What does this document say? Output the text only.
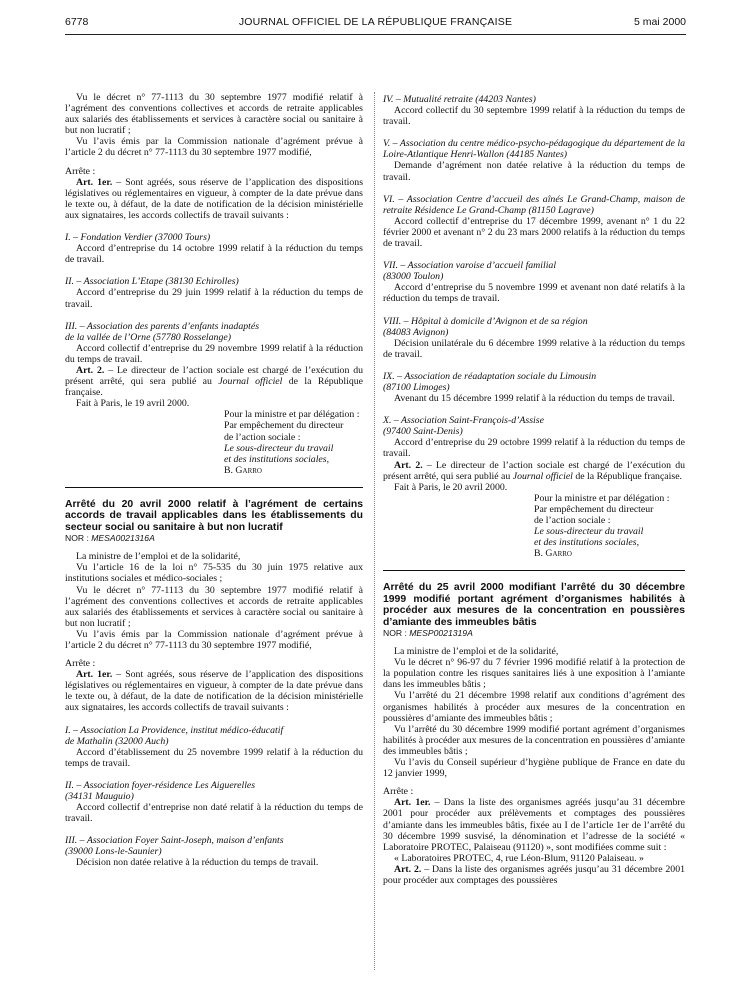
6778	JOURNAL OFFICIEL DE LA RÉPUBLIQUE FRANÇAISE	5 mai 2000

Vu le décret n° 77-1113 du 30 septembre 1977 modifié relatif à l’agrément des conventions collectives et accords de retraite applicables aux salariés des établissements et services à caractère social ou sanitaire à but non lucratif ;

Vu l’avis émis par la Commission nationale d’agrément prévue à l’article 2 du décret n° 77-1113 du 30 septembre 1977 modifié,

Arrête :

Art. 1er. – Sont agréés, sous réserve de l’application des dispositions législatives ou réglementaires en vigueur, à compter de la date prévue dans le texte ou, à défaut, de la date de notification de la décision ministérielle aux signataires, les accords collectifs de travail suivants :

I. – Fondation Verdier (37000 Tours)

Accord d’entreprise du 14 octobre 1999 relatif à la réduction du temps de travail.

II. – Association L’Etape (38130 Echirolles)

Accord d’entreprise du 29 juin 1999 relatif à la réduction du temps de travail.

III. – Association des parents d’enfants inadaptés

de la vallée de l’Orne (57780 Rosselange)

Accord collectif d’entreprise du 29 novembre 1999 relatif à la réduction du temps de travail.

Art. 2. – Le directeur de l’action sociale est chargé de l’exécution du présent arrêté, qui sera publié au Journal officiel de la République française.

Fait à Paris, le 19 avril 2000.

Pour la ministre et par délégation :

Par empêchement du directeur

de l’action sociale :

Le sous-directeur du travail

et des institutions sociales,

B. Garro

Arrêté du 20 avril 2000 relatif à l’agrément de certains accords de travail applicables dans les établissements du secteur social ou sanitaire à but non lucratif

NOR : MESA0021316A

La ministre de l’emploi et de la solidarité,

Vu l’article 16 de la loi n° 75-535 du 30 juin 1975 relative aux institutions sociales et médico-sociales ;

Vu le décret n° 77-1113 du 30 septembre 1977 modifié relatif à l’agrément des conventions collectives et accords de retraite applicables aux salariés des établissements et services à caractère social ou sanitaire à but non lucratif ;

Vu l’avis émis par la Commission nationale d’agrément prévue à l’article 2 du décret n° 77-1113 du 30 septembre 1977 modifié,

Arrête :

Art. 1er. – Sont agréés, sous réserve de l’application des dispositions législatives ou réglementaires en vigueur, à compter de la date prévue dans le texte ou, à défaut, de la date de notification de la décision ministérielle aux signataires, les accords collectifs de travail suivants :

I. – Association La Providence, institut médico-éducatif

de Mathalin (32000 Auch)

Accord d’établissement du 25 novembre 1999 relatif à la réduction du temps de travail.

II. – Association foyer-résidence Les Aiguerelles

(34131 Mauguio)

Accord collectif d’entreprise non daté relatif à la réduction du temps de travail.

III. – Association Foyer Saint-Joseph, maison d’enfants

(39000 Lons-le-Saunier)

Décision non datée relative à la réduction du temps de travail.

IV. – Mutualité retraite (44203 Nantes)

Accord collectif du 30 septembre 1999 relatif à la réduction du temps de travail.

V. – Association du centre médico-psycho-pédagogique du département de la Loire-Atlantique Henri-Wallon (44185 Nantes)

Demande d’agrément non datée relative à la réduction du temps de travail.

VI. – Association Centre d’accueil des aînés Le Grand-Champ, maison de retraite Résidence Le Grand-Champ (81150 Lagrave)

Accord collectif d’entreprise du 17 décembre 1999, avenant n° 1 du 22 février 2000 et avenant n° 2 du 23 mars 2000 relatifs à la réduction du temps de travail.

VII. – Association varoise d’accueil familial

(83000 Toulon)

Accord d’entreprise du 5 novembre 1999 et avenant non daté relatifs à la réduction du temps de travail.

VIII. – Hôpital à domicile d’Avignon et de sa région

(84083 Avignon)

Décision unilatérale du 6 décembre 1999 relative à la réduction du temps de travail.

IX. – Association de réadaptation sociale du Limousin

(87100 Limoges)

Avenant du 15 décembre 1999 relatif à la réduction du temps de travail.

X. – Association Saint-François-d’Assise

(97400 Saint-Denis)

Accord d’entreprise du 29 octobre 1999 relatif à la réduction du temps de travail.

Art. 2. – Le directeur de l’action sociale est chargé de l’exécution du présent arrêté, qui sera publié au Journal officiel de la République française.

Fait à Paris, le 20 avril 2000.

Pour la ministre et par délégation :

Par empêchement du directeur

de l’action sociale :

Le sous-directeur du travail

et des institutions sociales,

B. Garro

Arrêté du 25 avril 2000 modifiant l’arrêté du 30 décembre 1999 modifié portant agrément d’organismes habilités à procéder aux mesures de la concentration en poussières d’amiante des immeubles bâtis

NOR : MESP0021319A

La ministre de l’emploi et de la solidarité,

Vu le décret n° 96-97 du 7 février 1996 modifié relatif à la protection de la population contre les risques sanitaires liés à une exposition à l’amiante dans les immeubles bâtis ;

Vu l’arrêté du 21 décembre 1998 relatif aux conditions d’agrément des organismes habilités à procéder aux mesures de la concentration en poussières d’amiante des immeubles bâtis ;

Vu l’arrêté du 30 décembre 1999 modifié portant agrément d’organismes habilités à procéder aux mesures de la concentration en poussières d’amiante des immeubles bâtis ;

Vu l’avis du Conseil supérieur d’hygiène publique de France en date du 12 janvier 1999,

Arrête :

Art. 1er. – Dans la liste des organismes agréés jusqu’au 31 décembre 2001 pour procéder aux prélèvements et comptages des poussières d’amiante dans les immeubles bâtis, fixée au I de l’article 1er de l’arrêté du 30 décembre 1999 susvisé, la dénomination et l’adresse de la société « Laboratoire PROTEC, Palaiseau (91120) », sont modifiées comme suit :

« Laboratoires PROTEC, 4, rue Léon-Blum, 91120 Palaiseau. »

Art. 2. – Dans la liste des organismes agréés jusqu’au 31 décembre 2001 pour procéder aux comptages des poussières
